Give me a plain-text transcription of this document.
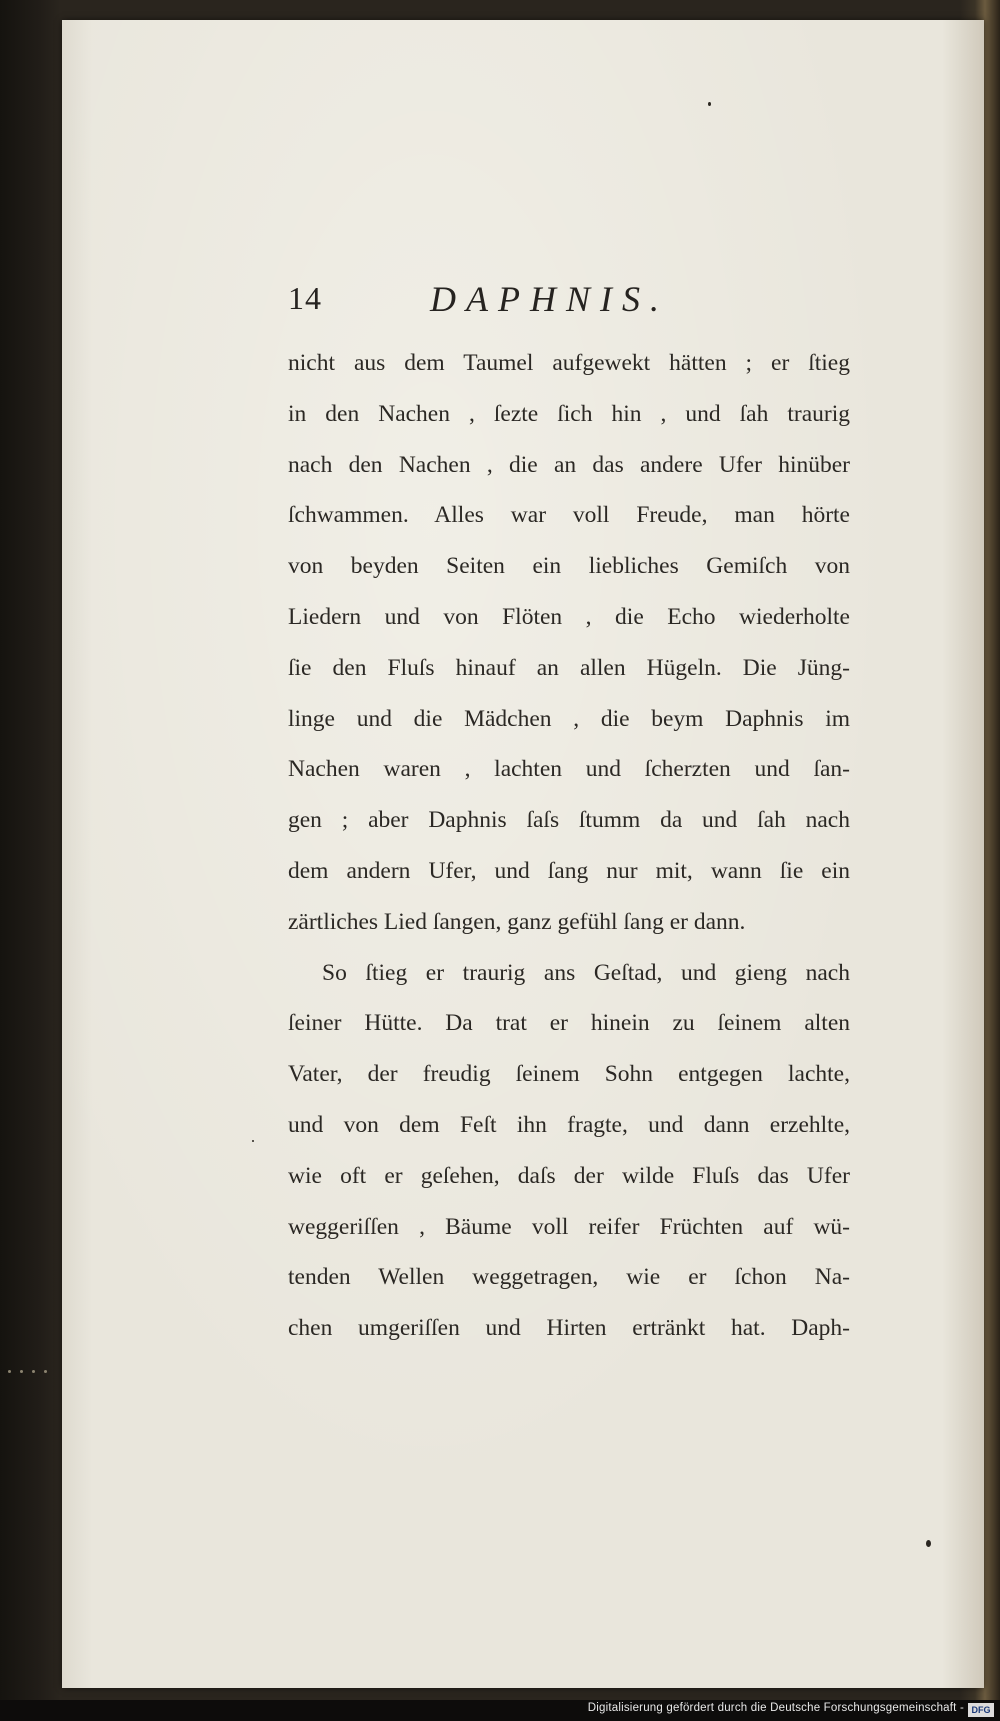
14	DAPHNIS.
nicht aus dem Taumel aufgewekt hätten ; er ſtieg
in den Nachen , ſezte ſich hin , und ſah traurig
nach den Nachen , die an das andere Ufer hinüber
ſchwammen. Alles war voll Freude, man hörte
von beyden Seiten ein liebliches Gemiſch von
Liedern und von Flöten , die Echo wiederholte
ſie den Fluſs hinauf an allen Hügeln. Die Jüng-
linge und die Mädchen , die beym Daphnis im
Nachen waren , lachten und ſcherzten und ſan-
gen ; aber Daphnis ſaſs ſtumm da und ſah nach
dem andern Ufer, und ſang nur mit, wann ſie ein
zärtliches Lied ſangen, ganz gefühl ſang er dann.
So ſtieg er traurig ans Geſtad, und gieng nach
ſeiner Hütte. Da trat er hinein zu ſeinem alten
Vater, der freudig ſeinem Sohn entgegen lachte,
und von dem Feſt ihn fragte, und dann erzehlte,
wie oft er geſehen, daſs der wilde Fluſs das Ufer
weggeriſſen , Bäume voll reifer Früchten auf wü-
tenden Wellen weggetragen, wie er ſchon Na-
chen umgeriſſen und Hirten ertränkt hat. Daph-
Digitalisierung gefördert durch die Deutsche Forschungsgemeinschaft - DFG
